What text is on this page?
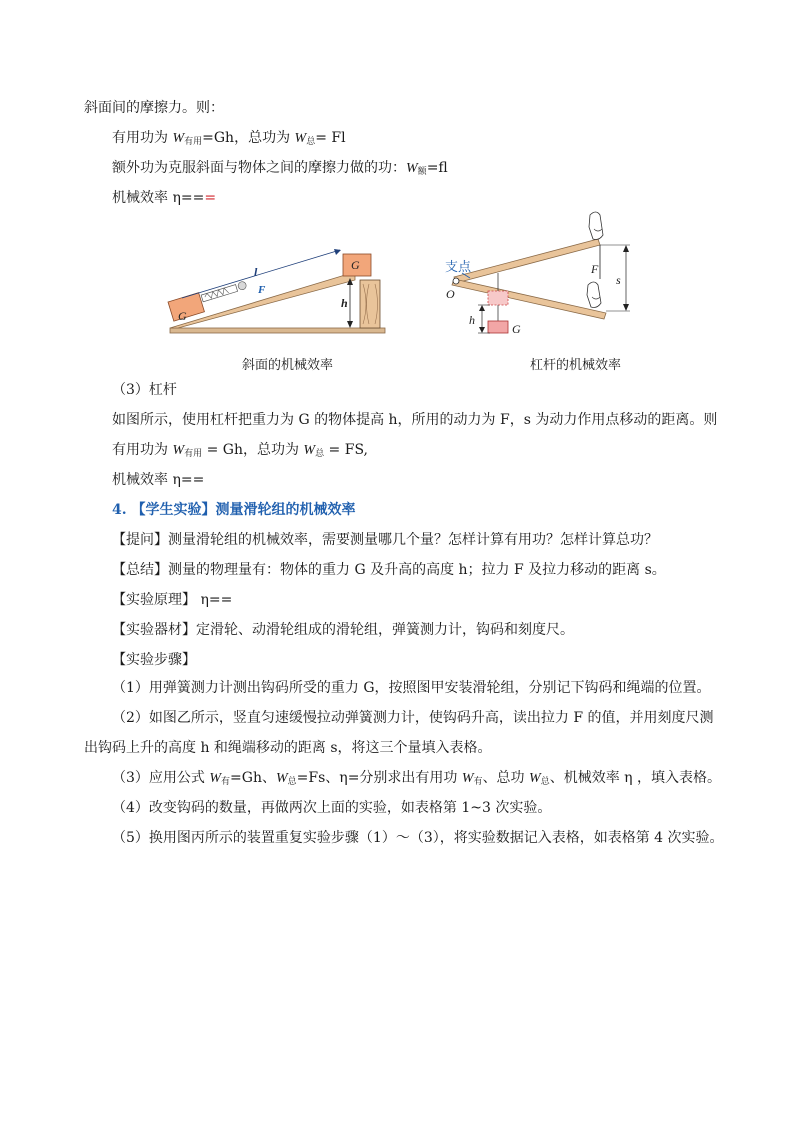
斜面间的摩擦力。则：
有用功为 $W_{有用}=Gh$，总功为 $W_总= Fl$
额外功为克服斜面与物体之间的摩擦力做的功：$W_额=fl$
机械效率 η===
h
G
G
l
F
斜面的机械效率
支点
O
F
s
G
h
杠杆的机械效率
（3）杠杆
如图所示，使用杠杆把重力为 G 的物体提高 h，所用的动力为 F，s 为动力作用点移动的距离。则
有用功为 $W_{有用} = Gh$，总功为 $W_总$ = FS,
机械效率 η==
4. 【学生实验】测量滑轮组的机械效率
【提问】测量滑轮组的机械效率，需要测量哪几个量？怎样计算有用功？怎样计算总功？
【总结】测量的物理量有：物体的重力 G 及升高的高度 h；拉力 F 及拉力移动的距离 s。
【实验原理】 η==
【实验器材】定滑轮、动滑轮组成的滑轮组，弹簧测力计，钩码和刻度尺。
【实验步骤】
（1）用弹簧测力计测出钩码所受的重力 G，按照图甲安装滑轮组，分别记下钩码和绳端的位置。
（2）如图乙所示，竖直匀速缓慢拉动弹簧测力计，使钩码升高，读出拉力 F 的值，并用刻度尺测
出钩码上升的高度 h 和绳端移动的距离 s，将这三个量填入表格。
（3）应用公式 $W_有=Gh$、$W_总=Fs$、η=分别求出有用功 $W_有$、总功 $W_总$、机械效率 η ，填入表格。
（4）改变钩码的数量，再做两次上面的实验，如表格第 1~3 次实验。
（5）换用图丙所示的装置重复实验步骤（1）～（3），将实验数据记入表格，如表格第 4 次实验。
